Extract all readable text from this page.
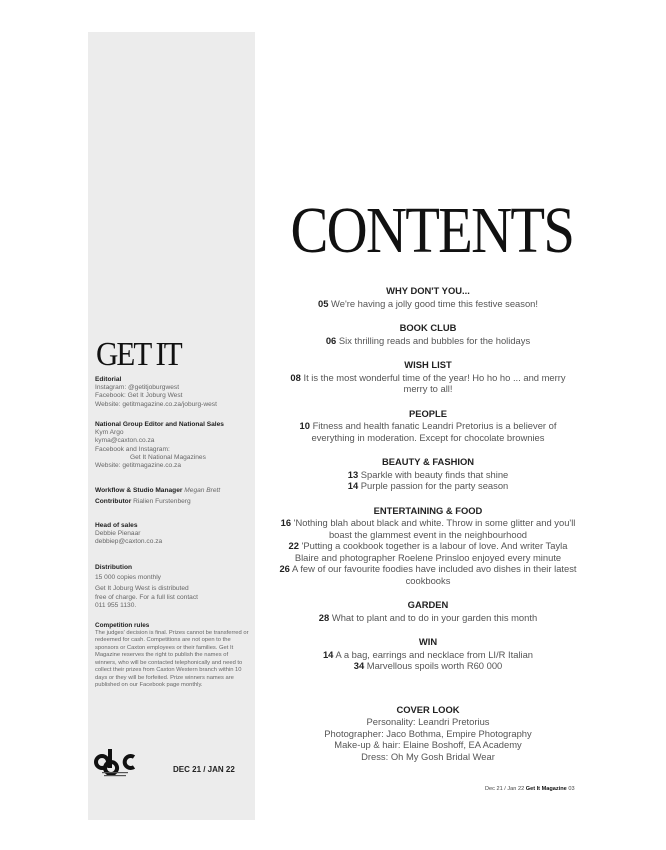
GET IT
Editorial
Instagram: @getitjoburgwest
Facebook: Get It Joburg West
Website: getitmagazine.co.za/joburg-west
National Group Editor and National Sales
Kym Argo
kyma@caxton.co.za
Facebook and Instagram:
Get It National Magazines
Website: getitmagazine.co.za
Workflow & Studio Manager Megan Brett
Contributor Rialien Furstenberg
Head of sales
Debbie Pienaar
debbiep@caxton.co.za
Distribution
15 000 copies monthly
Get It Joburg West is distributed
free of charge. For a full list contact
011 955 1130.
Competition rules
The judges' decision is final. Prizes cannot be transferred or redeemed for cash. Competitions are not open to the sponsors or Caxton employees or their families. Get It Magazine reserves the right to publish the names of winners, who will be contacted telephonically and need to collect their prizes from Caxton Western branch within 10 days or they will be forfeited. Prize winners names are published on our Facebook page monthly.
DEC 21 / JAN 22
CONTENTS
WHY DON'T YOU...
05 We're having a jolly good time this festive season!
BOOK CLUB
06 Six thrilling reads and bubbles for the holidays
WISH LIST
08 It is the most wonderful time of the year! Ho ho ho ... and merry merry to all!
PEOPLE
10 Fitness and health fanatic Leandri Pretorius is a believer of everything in moderation. Except for chocolate brownies
BEAUTY & FASHION
13 Sparkle with beauty finds that shine
14 Purple passion for the party season
ENTERTAINING & FOOD
16 'Nothing blah about black and white. Throw in some glitter and you'll boast the glammest event in the neighbourhood
22 'Putting a cookbook together is a labour of love. And writer Tayla Blaire and photographer Roelene Prinsloo enjoyed every minute
26 A few of our favourite foodies have included avo dishes in their latest cookbooks
GARDEN
28 What to plant and to do in your garden this month
WIN
14 A a bag, earrings and necklace from LI/R Italian
34 Marvellous spoils worth R60 000
COVER LOOK
Personality: Leandri Pretorius
Photographer: Jaco Bothma, Empire Photography
Make-up & hair: Elaine Boshoff, EA Academy
Dress: Oh My Gosh Bridal Wear
Dec 21 / Jan 22 Get It Magazine 03
